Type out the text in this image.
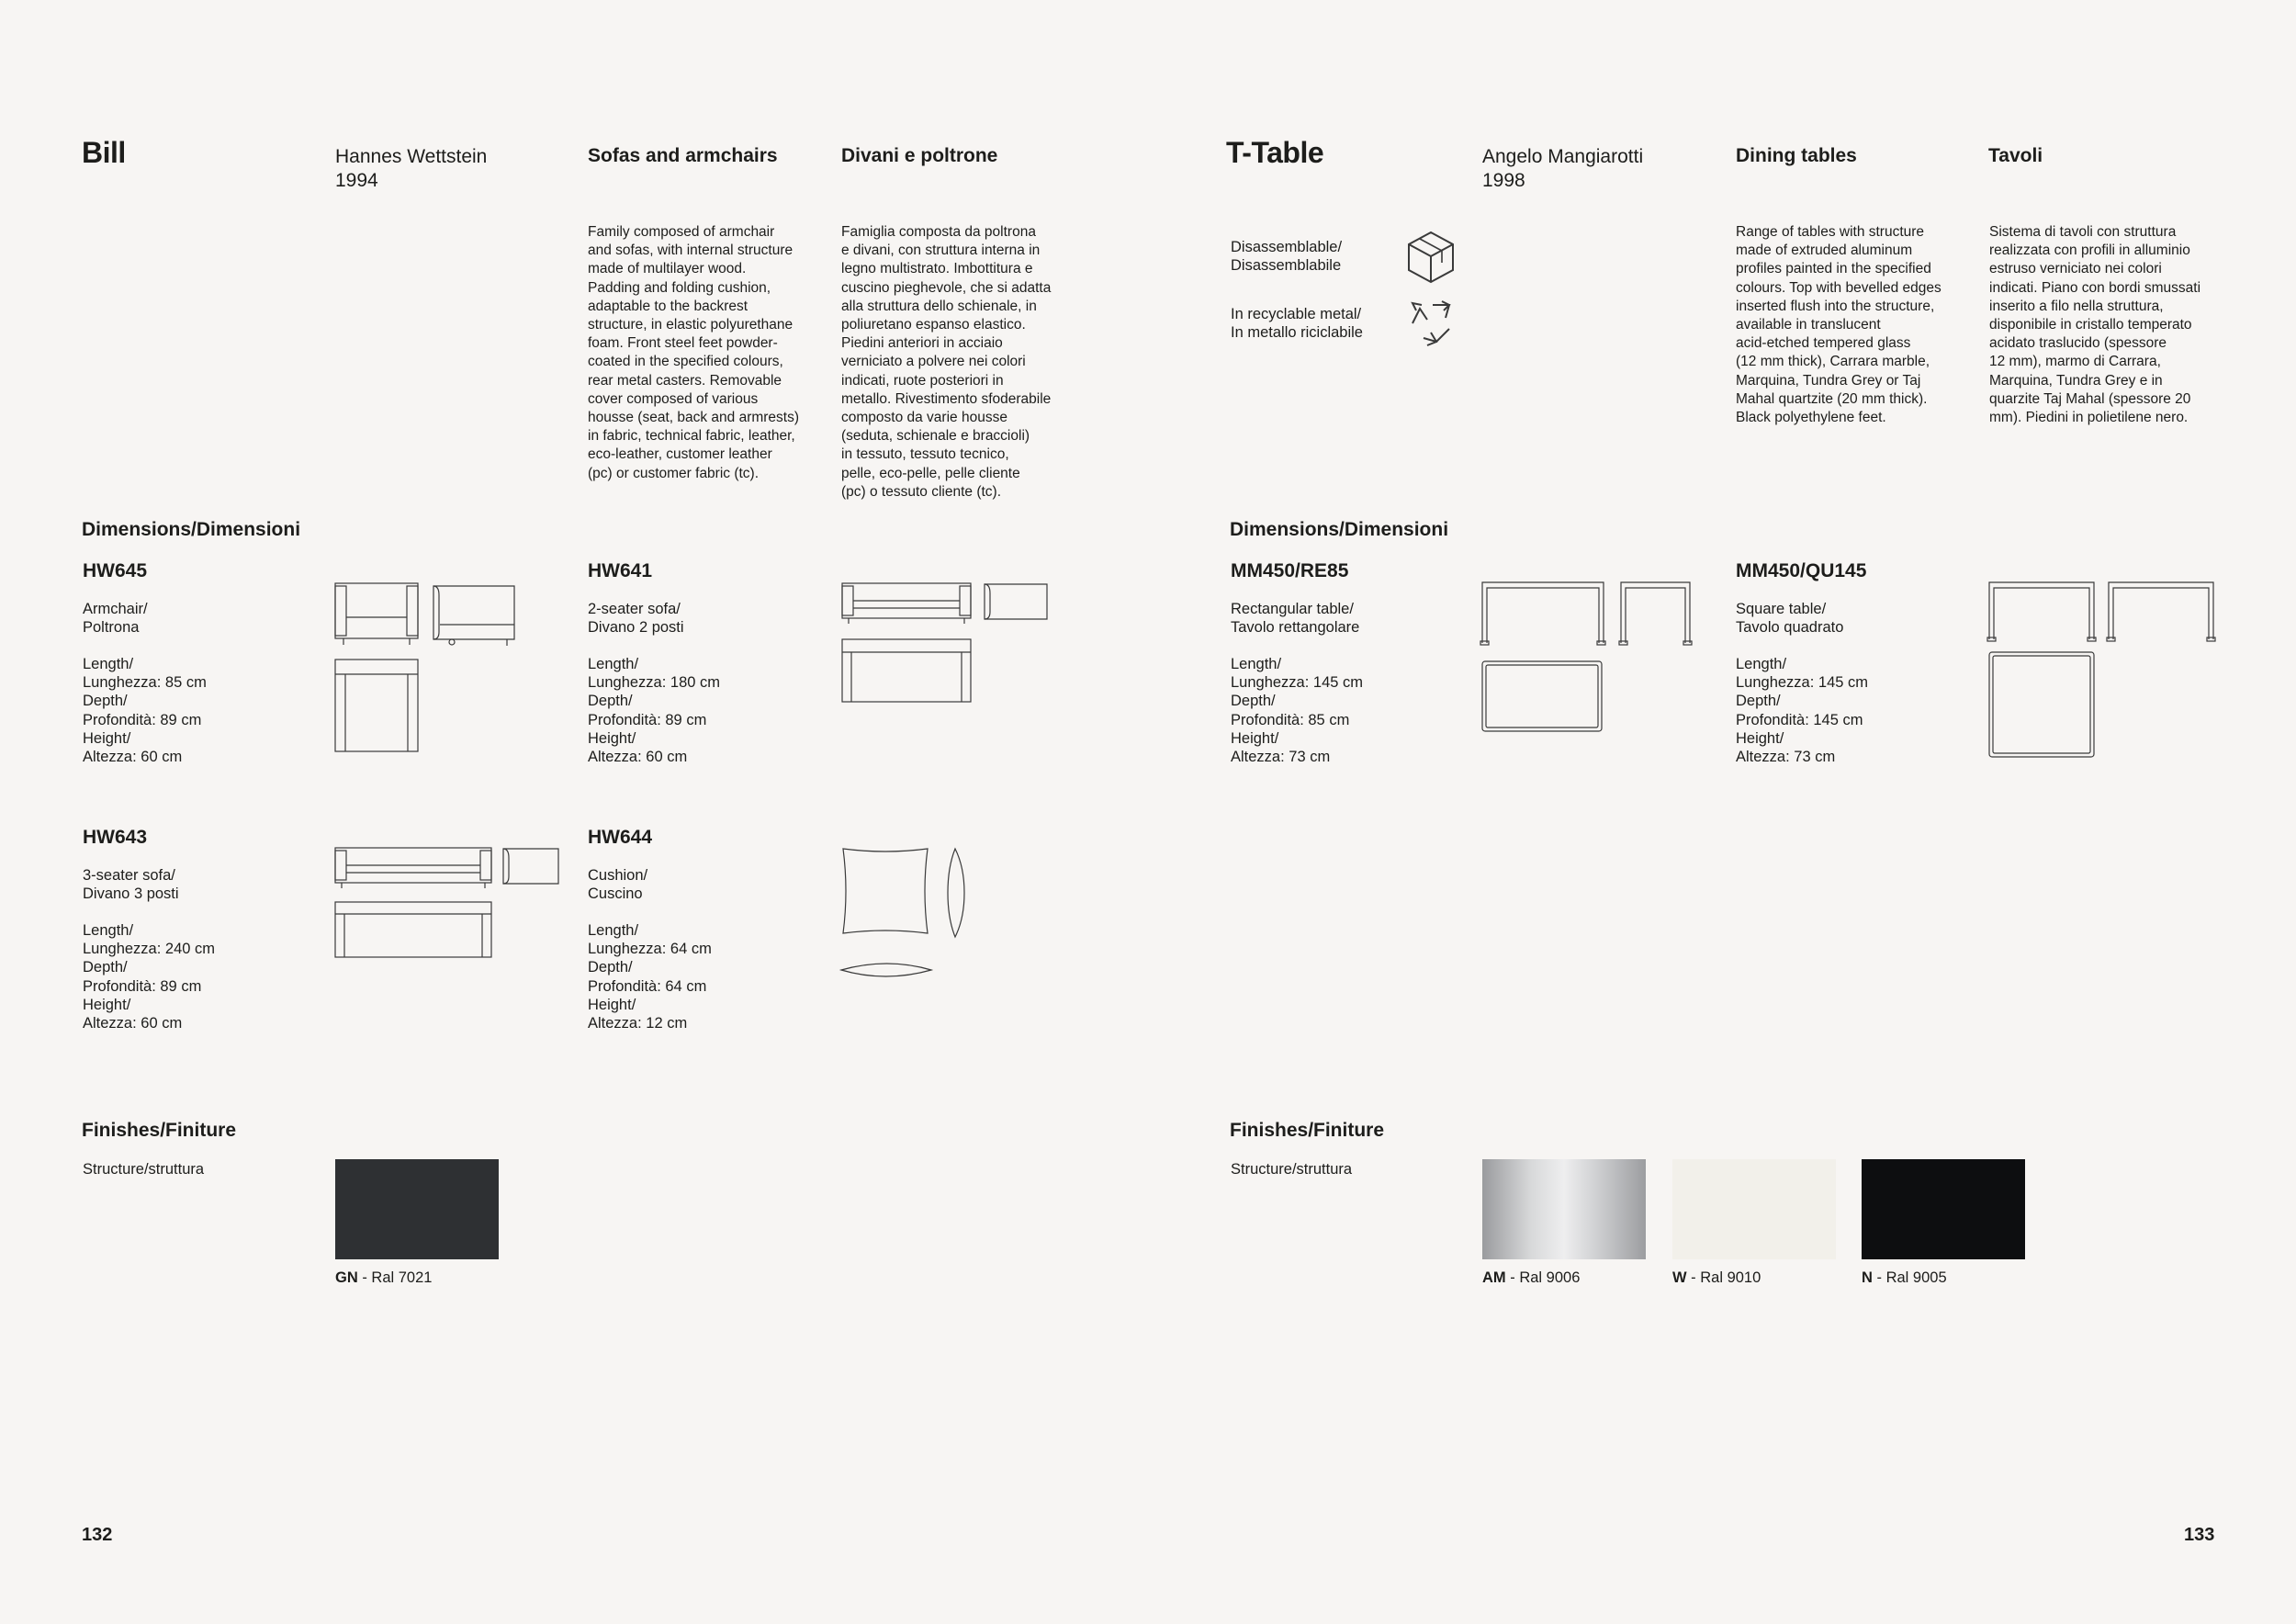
Bill	Hannes Wettstein
1994
Sofas and armchairs	Divani e poltrone
Family composed of armchair
and sofas, with internal structure
made of multilayer wood.
Padding and folding cushion,
adaptable to the backrest
structure, in elastic polyurethane
foam. Front steel feet powder-
coated in the specified colours,
rear metal casters. Removable
cover composed of various
housse (seat, back and armrests)
in fabric, technical fabric, leather,
eco-leather, customer leather
(pc) or customer fabric (tc).
Famiglia composta da poltrona
e divani, con struttura interna in
legno multistrato. Imbottitura e
cuscino pieghevole, che si adatta
alla struttura dello schienale, in
poliuretano espanso elastico.
Piedini anteriori in acciaio
verniciato a polvere nei colori
indicati, ruote posteriori in
metallo. Rivestimento sfoderabile
composto da varie housse
(seduta, schienale e braccioli)
in tessuto, tessuto tecnico,
pelle, eco-pelle, pelle cliente
(pc) o tessuto cliente (tc).
Dimensions/Dimensioni
HW645
Armchair/
Poltrona
Length/
Lunghezza: 85 cm
Depth/
Profondità: 89 cm
Height/
Altezza: 60 cm
HW641
2-seater sofa/
Divano 2 posti
Length/
Lunghezza: 180 cm
Depth/
Profondità: 89 cm
Height/
Altezza: 60 cm
HW643
3-seater sofa/
Divano 3 posti
Length/
Lunghezza: 240 cm
Depth/
Profondità: 89 cm
Height/
Altezza: 60 cm
HW644
Cushion/
Cuscino
Length/
Lunghezza: 64 cm
Depth/
Profondità: 64 cm
Height/
Altezza: 12 cm
Finishes/Finiture
Structure/struttura
GN - Ral 7021
132
T-Table	Angelo Mangiarotti
1998
Dining tables	Tavoli
Disassemblable/
Disassemblabile
In recyclable metal/
In metallo riciclabile
Range of tables with structure
made of extruded aluminum
profiles painted in the specified
colours. Top with bevelled edges
inserted flush into the structure,
available in translucent
acid-etched tempered glass
(12 mm thick), Carrara marble,
Marquina, Tundra Grey or Taj
Mahal quartzite (20 mm thick).
Black polyethylene feet.
Sistema di tavoli con struttura
realizzata con profili in alluminio
estruso verniciato nei colori
indicati. Piano con bordi smussati
inserito a filo nella struttura,
disponibile in cristallo temperato
acidato traslucido (spessore
12 mm), marmo di Carrara,
Marquina, Tundra Grey e in
quarzite Taj Mahal (spessore 20
mm). Piedini in polietilene nero.
Dimensions/Dimensioni
MM450/RE85
Rectangular table/
Tavolo rettangolare
Length/
Lunghezza: 145 cm
Depth/
Profondità: 85 cm
Height/
Altezza: 73 cm
MM450/QU145
Square table/
Tavolo quadrato
Length/
Lunghezza: 145 cm
Depth/
Profondità: 145 cm
Height/
Altezza: 73 cm
Finishes/Finiture
Structure/struttura
AM - Ral 9006	W - Ral 9010	N - Ral 9005
133
